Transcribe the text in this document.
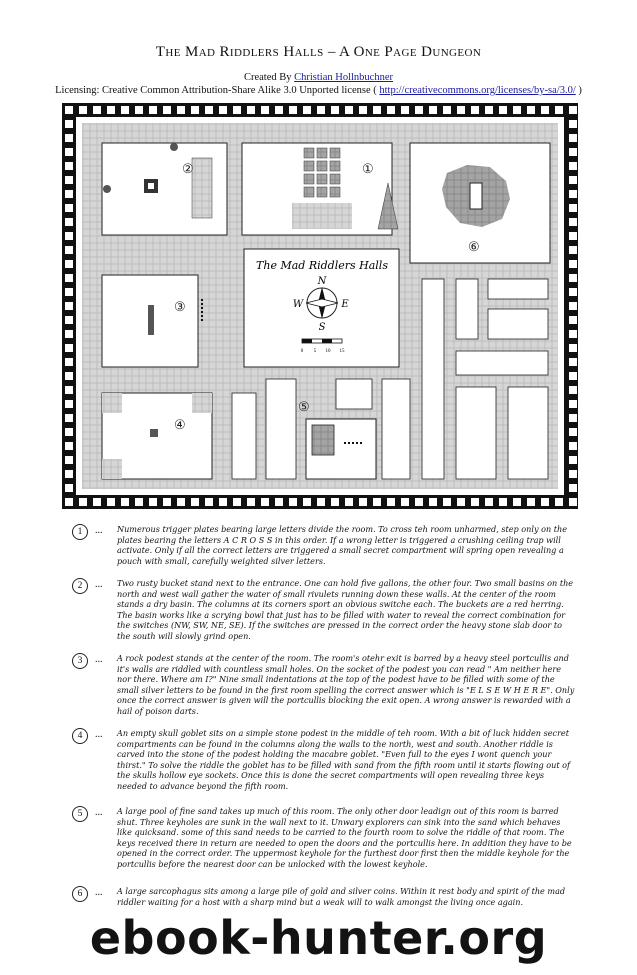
The Mad Riddlers Halls – A One Page Dungeon
Created By Christian Hollnbuchner
Licensing: Creative Common Attribution-Share Alike 3.0 Unported license ( http://creativecommons.org/licenses/by-sa/3.0/ )
The Mad Riddlers Halls
N
S
E
W
0 5 10 15
②	①
③
④
⑤
⑥
1	... Numerous trigger plates bearing large letters divide the room. To cross teh room unharmed, step only on the plates bearing the letters A C R O S S in this order. If a wrong letter is triggered a crushing ceiling trap will activate. Only if all the correct letters are triggered a small secret compartment will spring open revealing a pouch with small, carefully weighted silver letters.
2	... Two rusty bucket stand next to the entrance. One can hold five gallons, the other four. Two small basins on the north and west wall gather the water of small rivulets running down these walls. At the center of the room stands a dry basin. The columns at its corners sport an obvious switche each. The buckets are a red herring. The basin works like a scrying bowl that just has to be filled with water to reveal the correct combination for the switches (NW, SW, NE, SE). If the switches are pressed in the correct order the heavy stone slab door to the south will slowly grind open.
3	... A rock podest stands at the center of the room. The room's otehr exit is barred by a heavy steel portcullis and it's walls are riddled with countless small holes. On the socket of the podest you can read " Am neither here nor there. Where am I?" Nine small indentations at the top of the podest have to be filled with some of the small silver letters to be found in the first room spelling the correct answer which is "E L S E W H E R E". Only once the correct answer is given will the portcullis blocking the exit open. A wrong answer is rewarded with a hail of poison darts.
4	... An empty skull goblet sits on a simple stone podest in the middle of teh room. With a bit of luck hidden secret compartments can be found in the columns along the walls to the north, west and south. Another riddle is carved into the stone of the podest holding the macabre goblet. "Even full to the eyes I wont quench your thirst." To solve the riddle the goblet has to be filled with sand from the fifth room until it starts flowing out of the skulls hollow eye sockets. Once this is done the secret compartments will open revealing three keys needed to advance beyond the fifth room.
5	... A large pool of fine sand takes up much of this room. The only other door leadign out of this room is barred shut. Three keyholes are sunk in the wall next to it. Unwary explorers can sink into the sand which behaves like quicksand. some of this sand needs to be carried to the fourth room to solve the riddle of that room. The keys received there in return are needed to open the doors and the portcullis here. In addition they have to be opened in the correct order. The uppermost keyhole for the furthest door first then the middle keyhole for the portcullis before the nearest door can be unlocked with the lowest keyhole.
6	... A large sarcophagus sits among a large pile of gold and silver coins. Within it rest body and spirit of the mad riddler waiting for a host with a sharp mind but a weak will to walk amongst the living once again.
ebook-hunter.org
